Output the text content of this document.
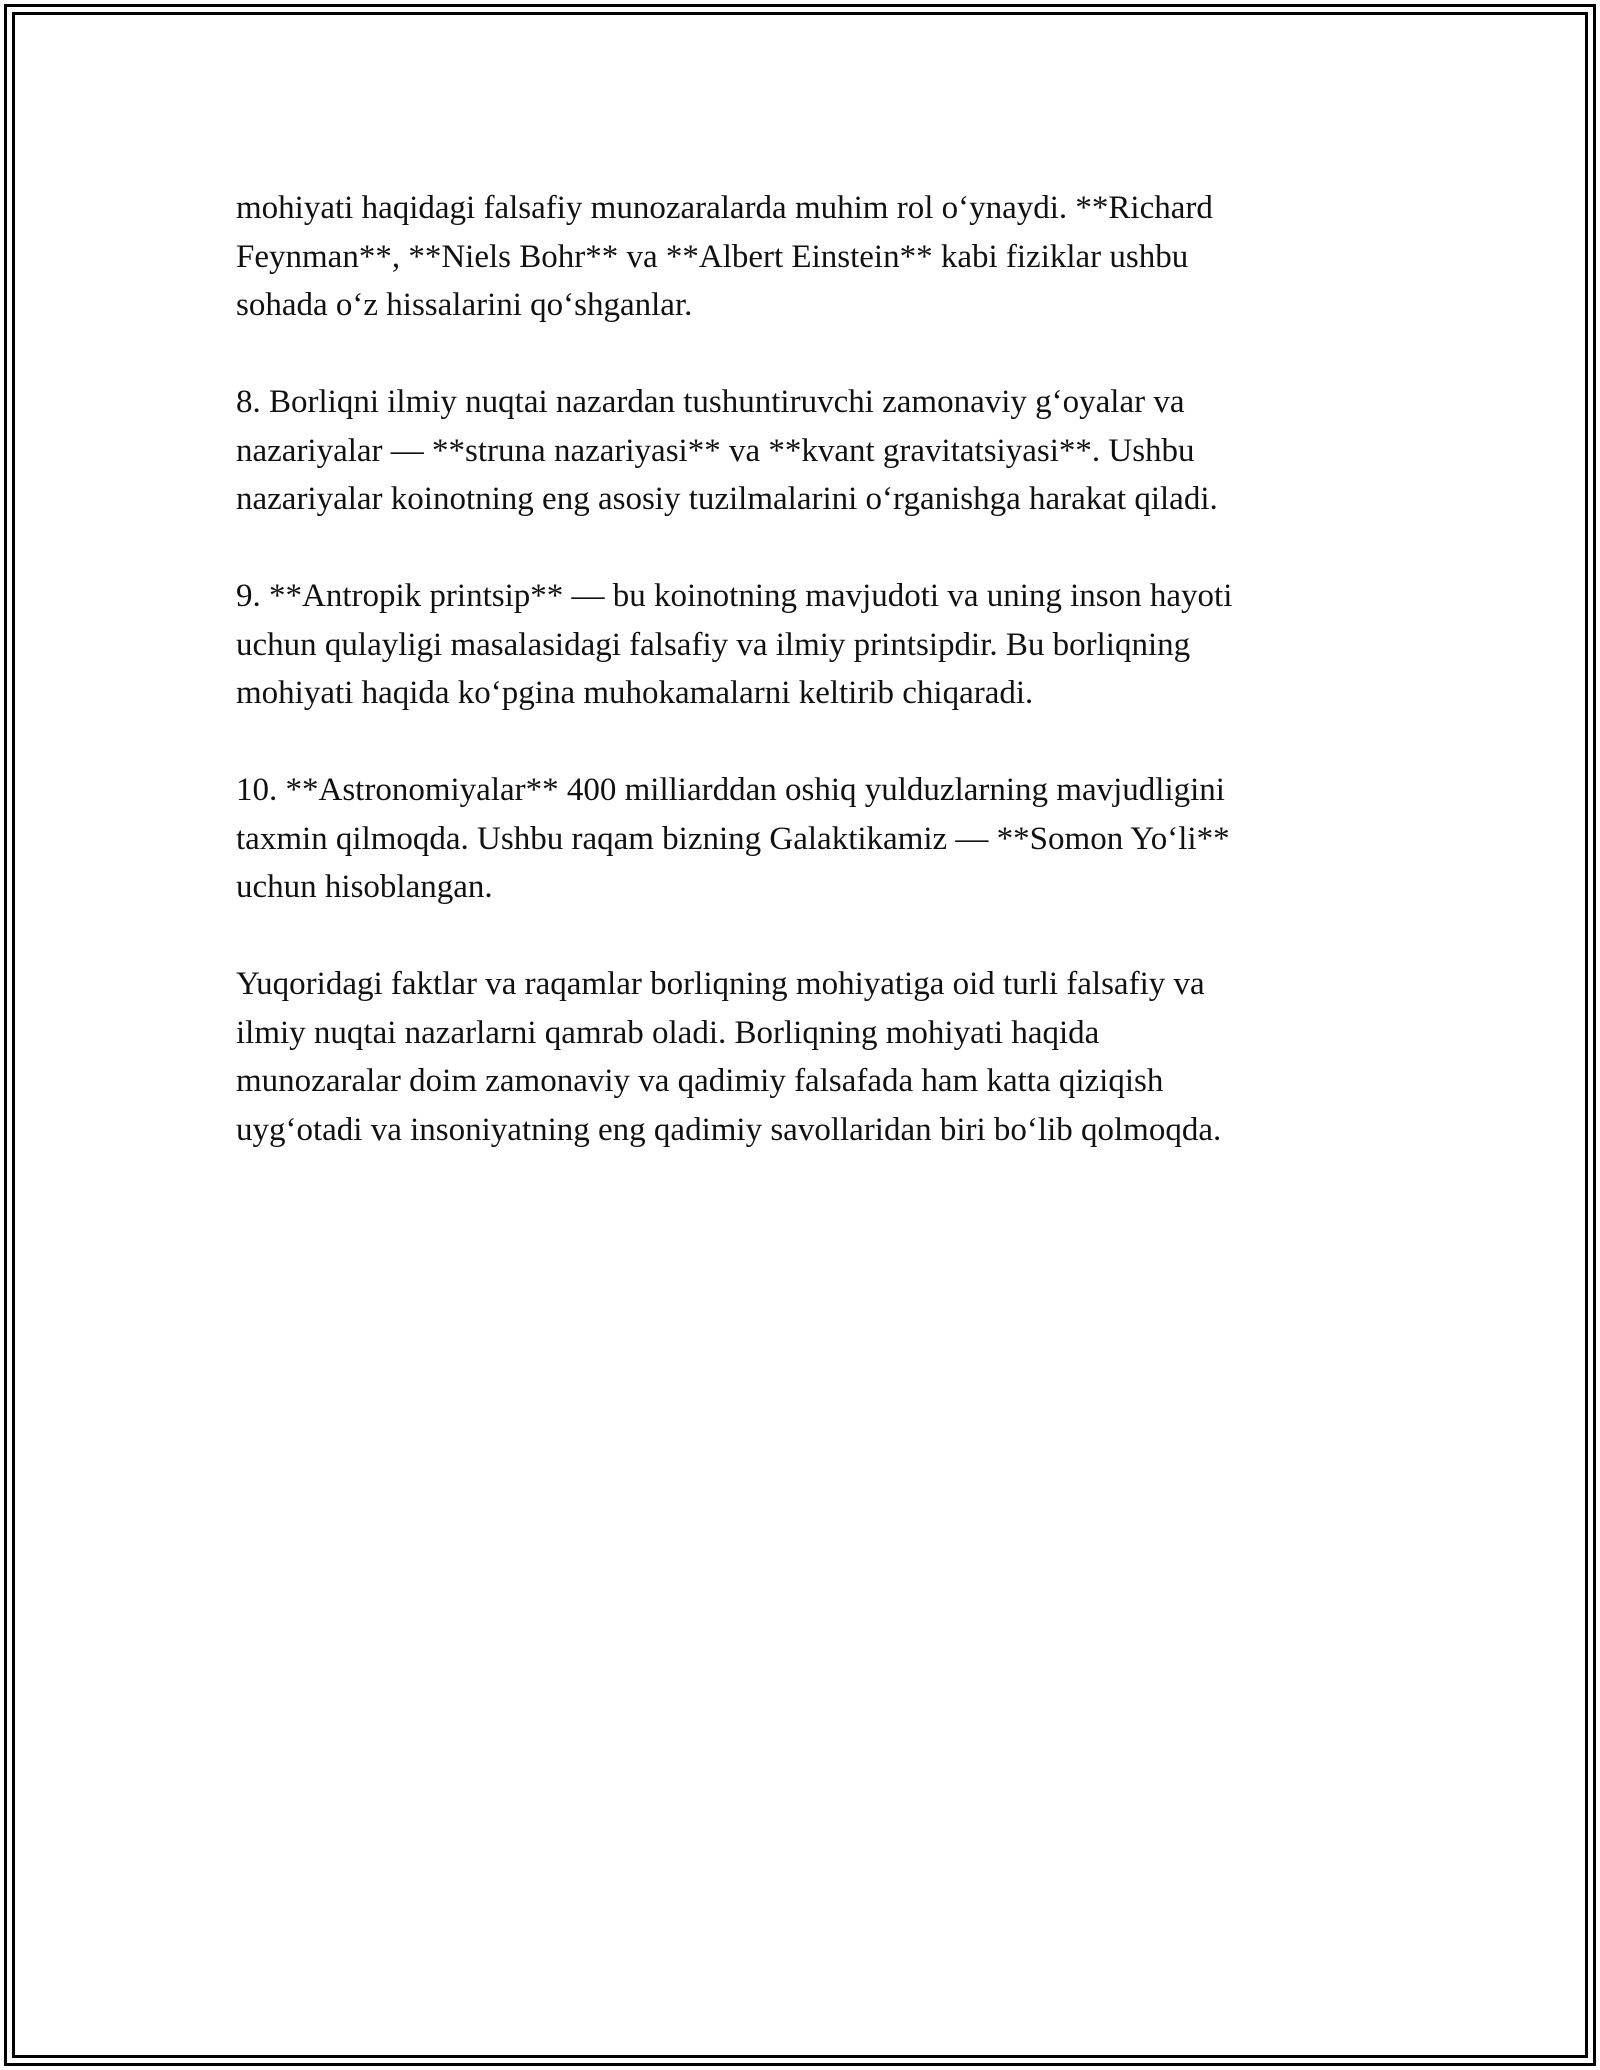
mohiyati haqidagi falsafiy munozaralarda muhim rol o‘ynaydi. **Richard
Feynman**, **Niels Bohr** va **Albert Einstein** kabi fiziklar ushbu
sohada o‘z hissalarini qo‘shganlar.

8. Borliqni ilmiy nuqtai nazardan tushuntiruvchi zamonaviy g‘oyalar va
nazariyalar — **struna nazariyasi** va **kvant gravitatsiyasi**. Ushbu
nazariyalar koinotning eng asosiy tuzilmalarini o‘rganishga harakat qiladi.

9. **Antropik printsip** — bu koinotning mavjudoti va uning inson hayoti
uchun qulayligi masalasidagi falsafiy va ilmiy printsipdir. Bu borliqning
mohiyati haqida ko‘pgina muhokamalarni keltirib chiqaradi.

10. **Astronomiyalar** 400 milliarddan oshiq yulduzlarning mavjudligini
taxmin qilmoqda. Ushbu raqam bizning Galaktikamiz — **Somon Yo‘li**
uchun hisoblangan.

Yuqoridagi faktlar va raqamlar borliqning mohiyatiga oid turli falsafiy va
ilmiy nuqtai nazarlarni qamrab oladi. Borliqning mohiyati haqida
munozaralar doim zamonaviy va qadimiy falsafada ham katta qiziqish
uyg‘otadi va insoniyatning eng qadimiy savollaridan biri bo‘lib qolmoqda.
